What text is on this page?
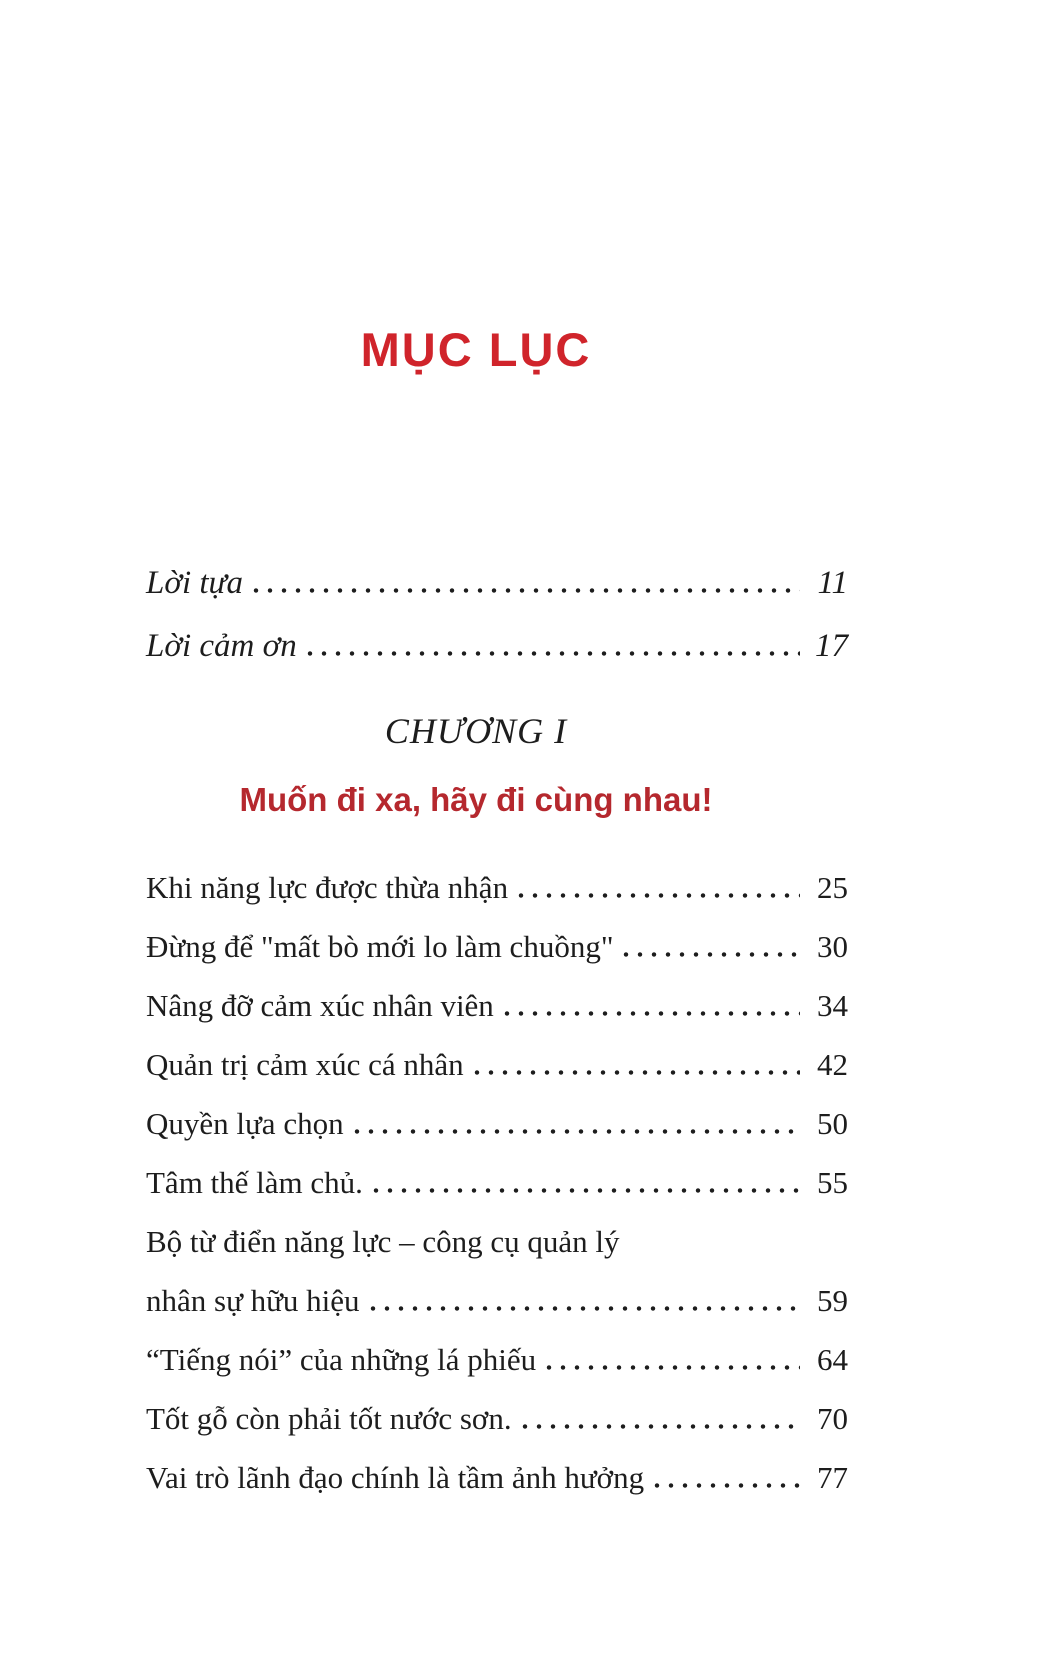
MỤC LỤC
Lời tựa	11
Lời cảm ơn	17
CHƯƠNG I
Muốn đi xa, hãy đi cùng nhau!
Khi năng lực được thừa nhận	25
Đừng để "mất bò mới lo làm chuồng"	30
Nâng đỡ cảm xúc nhân viên	34
Quản trị cảm xúc cá nhân	42
Quyền lựa chọn	50
Tâm thế làm chủ.	55
Bộ từ điển năng lực – công cụ quản lý
nhân sự hữu hiệu	59
“Tiếng nói” của những lá phiếu	64
Tốt gỗ còn phải tốt nước sơn.	70
Vai trò lãnh đạo chính là tầm ảnh hưởng	77
